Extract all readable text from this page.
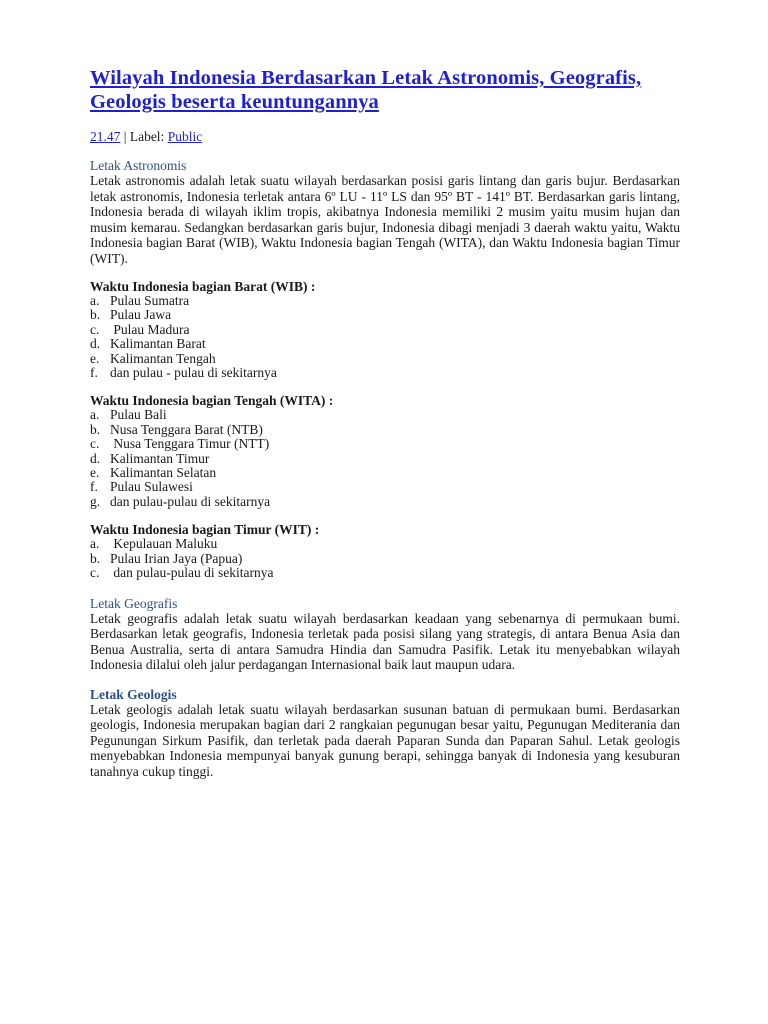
Wilayah Indonesia Berdasarkan Letak Astronomis, Geografis, Geologis beserta keuntungannya
21.47 | Label: Public
Letak Astronomis

Letak astronomis adalah letak suatu wilayah berdasarkan posisi garis lintang dan garis bujur. Berdasarkan letak astronomis, Indonesia terletak antara 6º LU - 11º LS dan 95º BT - 141º BT. Berdasarkan garis lintang, Indonesia berada di wilayah iklim tropis, akibatnya Indonesia memiliki 2 musim yaitu musim hujan dan musim kemarau. Sedangkan berdasarkan garis bujur, Indonesia dibagi menjadi 3 daerah waktu yaitu, Waktu Indonesia bagian Barat (WIB), Waktu Indonesia bagian Tengah (WITA), dan Waktu Indonesia bagian Timur (WIT).

Waktu Indonesia bagian Barat (WIB) :
a. Pulau Sumatra
b. Pulau Jawa
c. Pulau Madura
d. Kalimantan Barat
e. Kalimantan Tengah
f. dan pulau - pulau di sekitarnya
Waktu Indonesia bagian Tengah (WITA) :
a. Pulau Bali
b. Nusa Tenggara Barat (NTB)
c. Nusa Tenggara Timur (NTT)
d. Kalimantan Timur
e. Kalimantan Selatan
f. Pulau Sulawesi
g. dan pulau-pulau di sekitarnya
Waktu Indonesia bagian Timur (WIT) :
a. Kepulauan Maluku
b. Pulau Irian Jaya (Papua)
c. dan pulau-pulau di sekitarnya
Letak Geografis

Letak geografis adalah letak suatu wilayah berdasarkan keadaan yang sebenarnya di permukaan bumi. Berdasarkan letak geografis, Indonesia terletak pada posisi silang yang strategis, di antara Benua Asia dan Benua Australia, serta di antara Samudra Hindia dan Samudra Pasifik. Letak itu menyebabkan wilayah Indonesia dilalui oleh jalur perdagangan Internasional baik laut maupun udara.

Letak Geologis

Letak geologis adalah letak suatu wilayah berdasarkan susunan batuan di permukaan bumi. Berdasarkan geologis, Indonesia merupakan bagian dari 2 rangkaian pegunugan besar yaitu, Pegunugan Mediterania dan Pegunungan Sirkum Pasifik, dan terletak pada daerah Paparan Sunda dan Paparan Sahul. Letak geologis menyebabkan Indonesia mempunyai banyak gunung berapi, sehingga banyak di Indonesia yang kesuburan tanahnya cukup tinggi.
